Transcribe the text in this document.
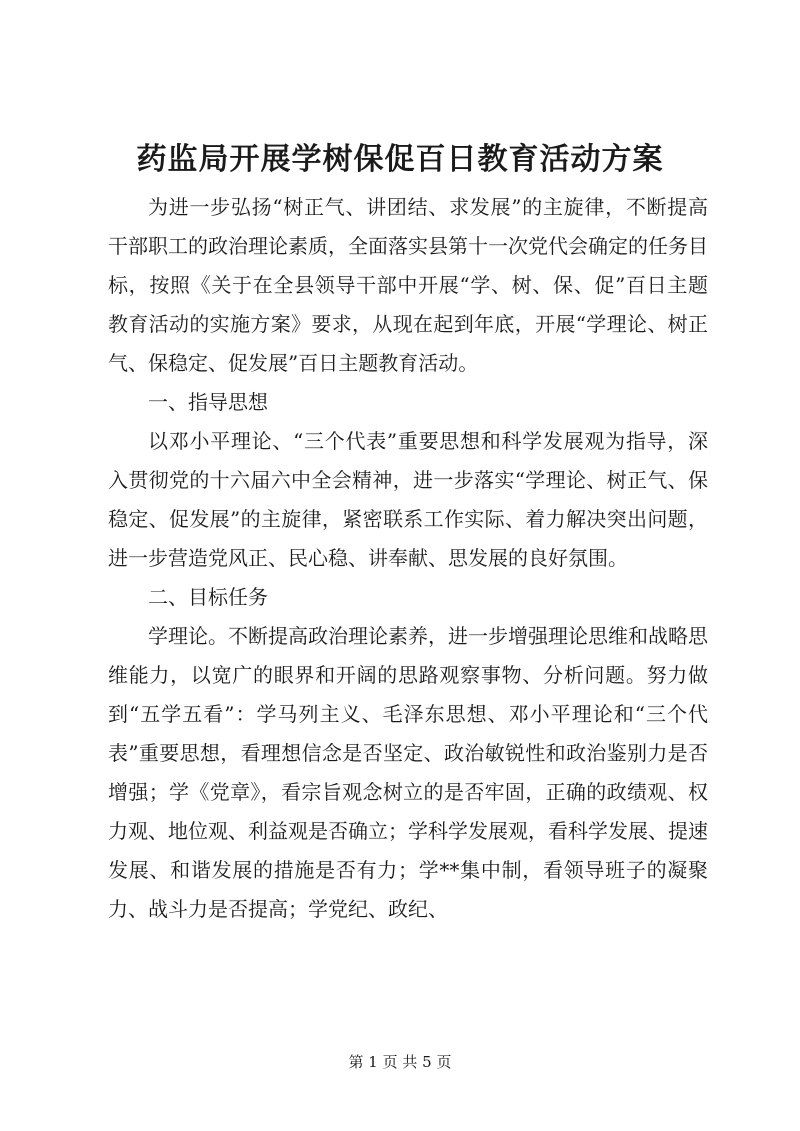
药监局开展学树保促百日教育活动方案

为进一步弘扬“树正气、讲团结、求发展”的主旋律，不断提高干部职工的政治理论素质，全面落实县第十一次党代会确定的任务目标，按照《关于在全县领导干部中开展“学、树、保、促”百日主题教育活动的实施方案》要求，从现在起到年底，开展“学理论、树正气、保稳定、促发展”百日主题教育活动。

一、指导思想

以邓小平理论、“三个代表”重要思想和科学发展观为指导，深入贯彻党的十六届六中全会精神，进一步落实“学理论、树正气、保稳定、促发展”的主旋律，紧密联系工作实际、着力解决突出问题，进一步营造党风正、民心稳、讲奉献、思发展的良好氛围。

二、目标任务

学理论。不断提高政治理论素养，进一步增强理论思维和战略思维能力，以宽广的眼界和开阔的思路观察事物、分析问题。努力做到“五学五看”：学马列主义、毛泽东思想、邓小平理论和“三个代表”重要思想，看理想信念是否坚定、政治敏锐性和政治鉴别力是否增强；学《党章》，看宗旨观念树立的是否牢固，正确的政绩观、权力观、地位观、利益观是否确立；学科学发展观，看科学发展、提速发展、和谐发展的措施是否有力；学**集中制，看领导班子的凝聚力、战斗力是否提高；学党纪、政纪、

第 1 页 共 5 页
